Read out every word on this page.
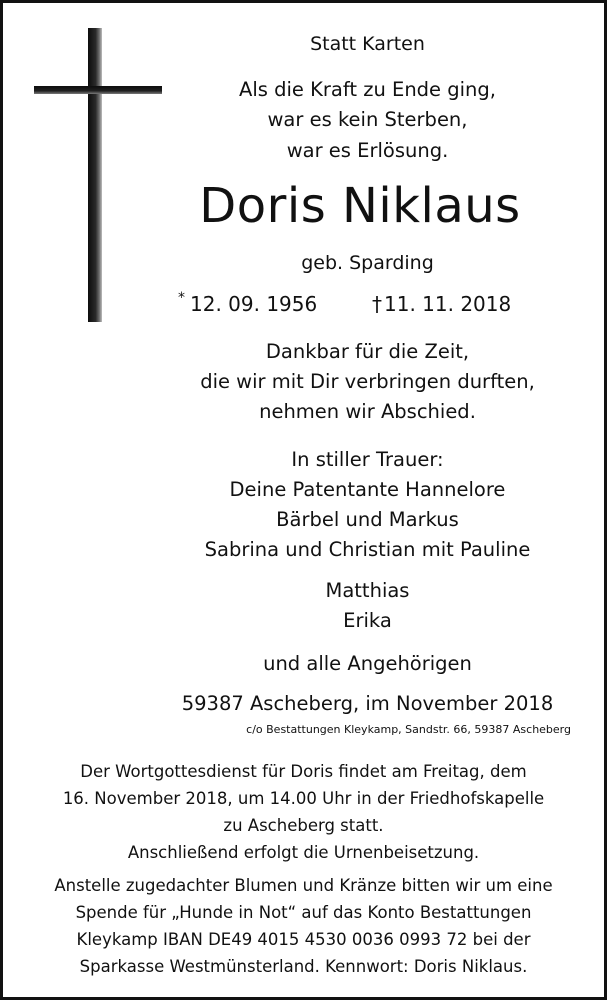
Statt Karten
Als die Kraft zu Ende ging,
war es kein Sterben,
war es Erlösung.
Doris Niklaus
geb. Sparding
* 12. 09. 1956	† 11. 11. 2018
Dankbar für die Zeit,
die wir mit Dir verbringen durften,
nehmen wir Abschied.
In stiller Trauer:
Deine Patentante Hannelore
Bärbel und Markus
Sabrina und Christian mit Pauline
Matthias
Erika
und alle Angehörigen
59387 Ascheberg, im November 2018
c/o Bestattungen Kleykamp, Sandstr. 66, 59387 Ascheberg
Der Wortgottesdienst für Doris findet am Freitag, dem
16. November 2018, um 14.00 Uhr in der Friedhofskapelle
zu Ascheberg statt.
Anschließend erfolgt die Urnenbeisetzung.
Anstelle zugedachter Blumen und Kränze bitten wir um eine
Spende für „Hunde in Not“ auf das Konto Bestattungen
Kleykamp IBAN DE49 4015 4530 0036 0993 72 bei der
Sparkasse Westmünsterland. Kennwort: Doris Niklaus.
